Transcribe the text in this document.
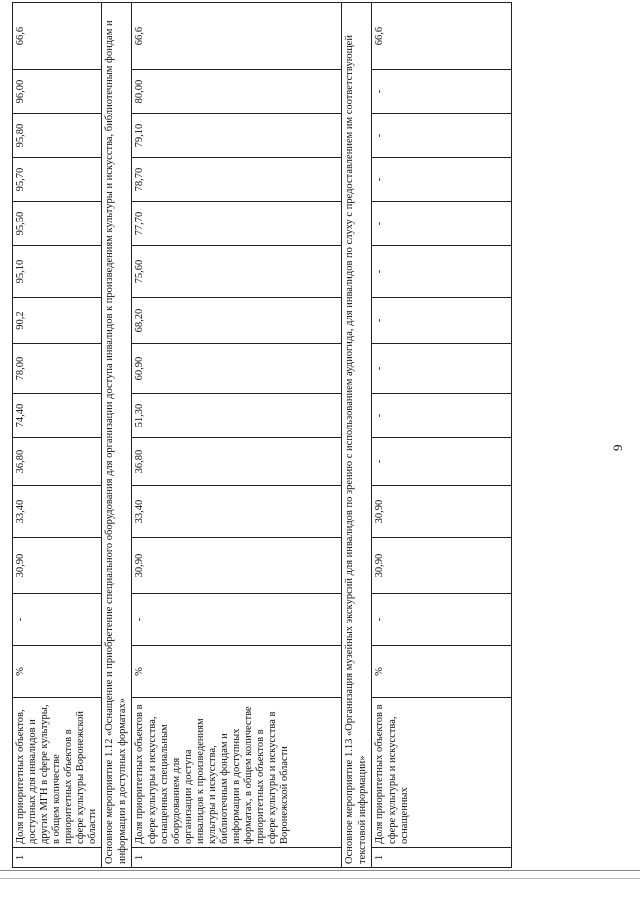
1	Доля приоритетных объектов, доступных для инвалидов и других МГН в сфере культуры, в общем количестве приоритетных объектов в сфере культуры Воронежской области	%	-	30,90	33,40	36,80	74,40	78,00	90,2	95,10	95,50	95,70	95,80	96,00	66,6
Основное мероприятие 1.12 «Оснащение и приобретение специального оборудования для организации доступа инвалидов к произведениям культуры и искусства, библиотечным фондам и информации в доступных форматах»															
1	Доля приоритетных объектов в сфере культуры и искусства, оснащенных специальным оборудованием для организации доступа инвалидов к произведениям культуры и искусства, библиотечным фондам и информации в доступных форматах, в общем количестве приоритетных объектов в сфере культуры и искусства в Воронежской области	%	-	30,90	33,40	36,80	51,30	60,90	68,20	75,60	77,70	78,70	79,10	80,00	66,6
Основное мероприятие 1.13 «Организация музейных экскурсий для инвалидов по зрению с использованием аудиогида, для инвалидов по слуху с предоставлением им соответствующей текстовой информации»															
1	Доля приоритетных объектов в сфере культуры и искусства, оснащенных	%	-	30,90	30,90	-	-	-	-	-	-	-	-	-	66,6
9
